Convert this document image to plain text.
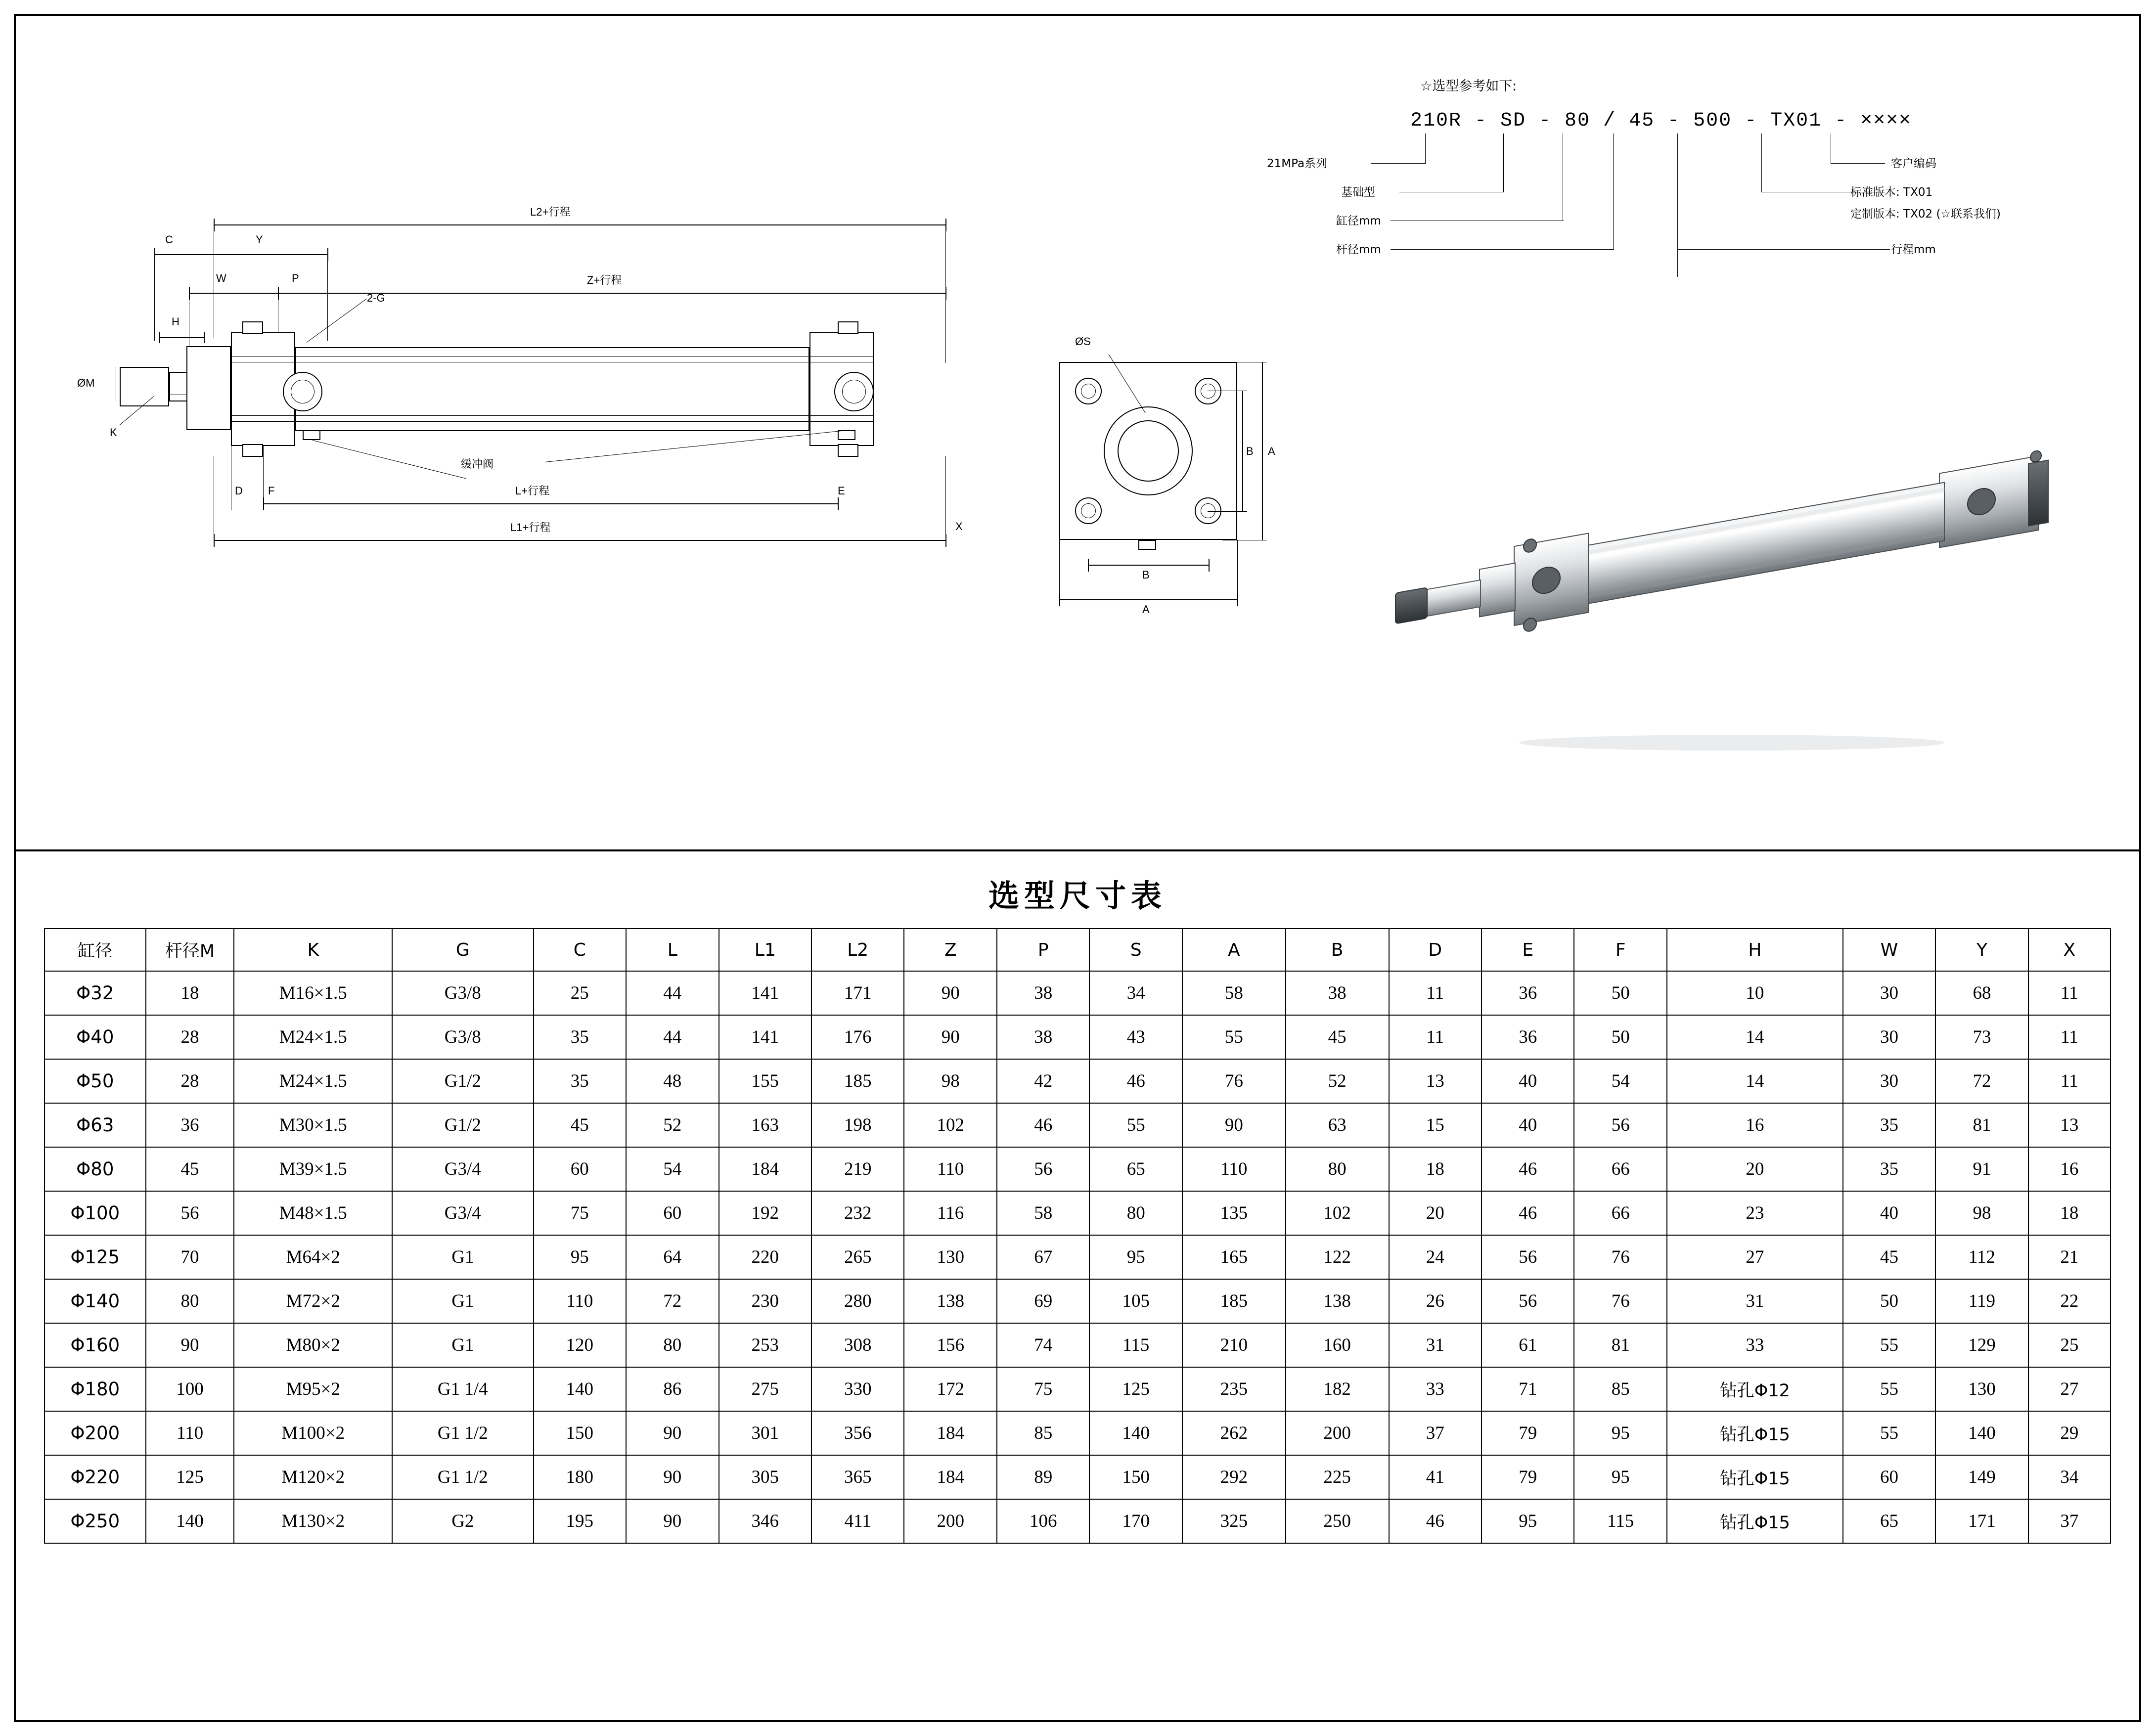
L2+行程
C	Y
W	P	Z+行程
H
ØM
K
2-G
缓冲阀
D F	E
X
L+行程
L1+行程
ØS
A
B
B
A
☆选型参考如下:
210R - SD - 80 / 45 - 500 - TX01 - ××××
21MPa系列
基础型
缸径mm
杆径mm	行程mm
客户编码
标准版本: TX01
定制版本: TX02 (☆联系我们)
选型尺寸表
缸径	杆径M	K	G	C	L	L1	L2	Z	P	S	A	B	D	E	F	H	W	Y	X
Φ32	18	M16×1.5	G3/8	25	44	141	171	90	38	34	58	38	11	36	50	10	30	68	11
Φ40	28	M24×1.5	G3/8	35	44	141	176	90	38	43	55	45	11	36	50	14	30	73	11
Φ50	28	M24×1.5	G1/2	35	48	155	185	98	42	46	76	52	13	40	54	14	30	72	11
Φ63	36	M30×1.5	G1/2	45	52	163	198	102	46	55	90	63	15	40	56	16	35	81	13
Φ80	45	M39×1.5	G3/4	60	54	184	219	110	56	65	110	80	18	46	66	20	35	91	16
Φ100	56	M48×1.5	G3/4	75	60	192	232	116	58	80	135	102	20	46	66	23	40	98	18
Φ125	70	M64×2	G1	95	64	220	265	130	67	95	165	122	24	56	76	27	45	112	21
Φ140	80	M72×2	G1	110	72	230	280	138	69	105	185	138	26	56	76	31	50	119	22
Φ160	90	M80×2	G1	120	80	253	308	156	74	115	210	160	31	61	81	33	55	129	25
Φ180	100	M95×2	G1 1/4	140	86	275	330	172	75	125	235	182	33	71	85	钻孔Φ12	55	130	27
Φ200	110	M100×2	G1 1/2	150	90	301	356	184	85	140	262	200	37	79	95	钻孔Φ15	55	140	29
Φ220	125	M120×2	G1 1/2	180	90	305	365	184	89	150	292	225	41	79	95	钻孔Φ15	60	149	34
Φ250	140	M130×2	G2	195	90	346	411	200	106	170	325	250	46	95	115	钻孔Φ15	65	171	37
